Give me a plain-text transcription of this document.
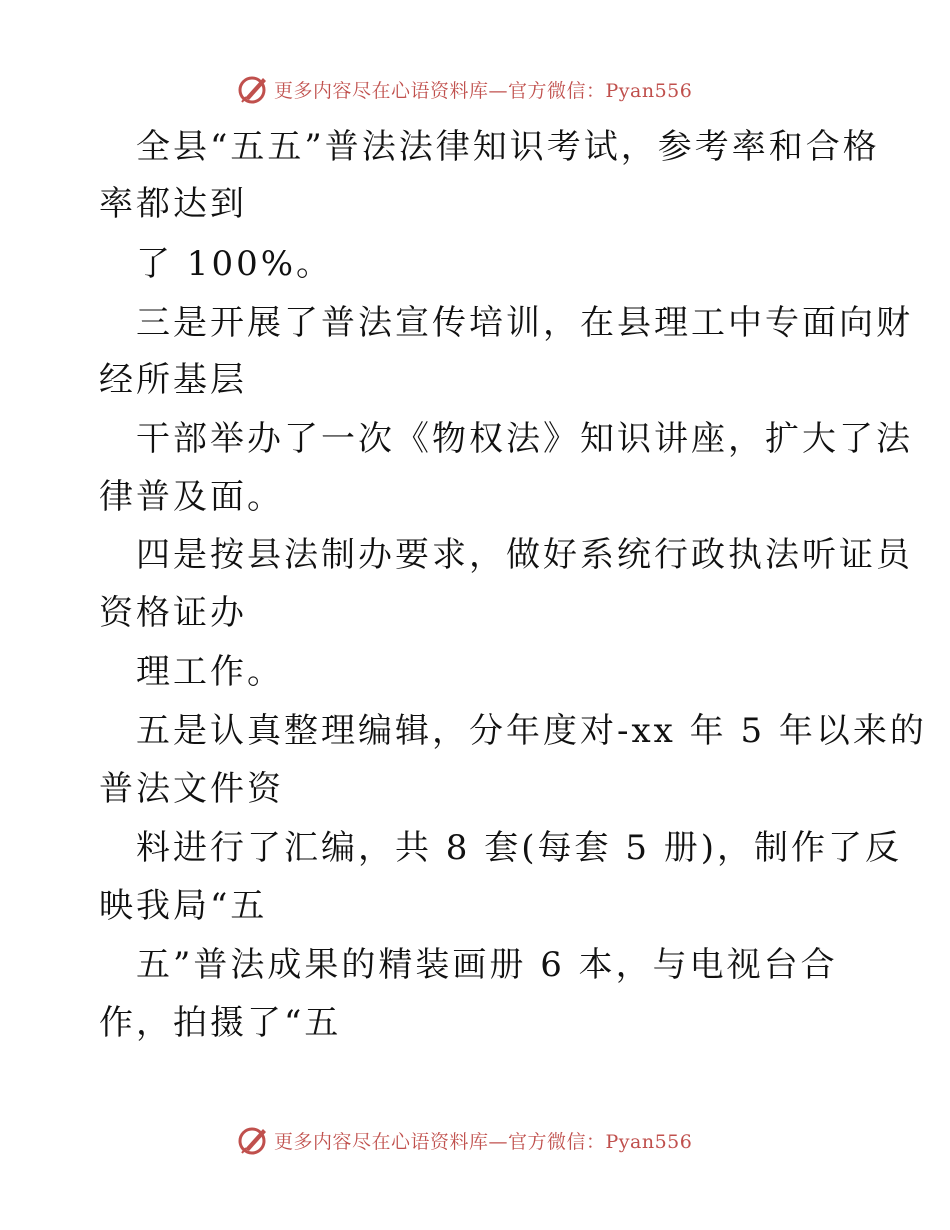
更多内容尽在心语资料库—官方微信：Pyan556

全县“五五”普法法律知识考试，参考率和合格

率都达到

了 100%。

三是开展了普法宣传培训，在县理工中专面向财

经所基层

干部举办了一次《物权法》知识讲座，扩大了法

律普及面。

四是按县法制办要求，做好系统行政执法听证员

资格证办

理工作。

五是认真整理编辑，分年度对-xx 年 5 年以来的

普法文件资

料进行了汇编，共 8 套(每套 5 册)，制作了反

映我局“五

五”普法成果的精装画册 6 本，与电视台合

作，拍摄了“五

更多内容尽在心语资料库—官方微信：Pyan556
